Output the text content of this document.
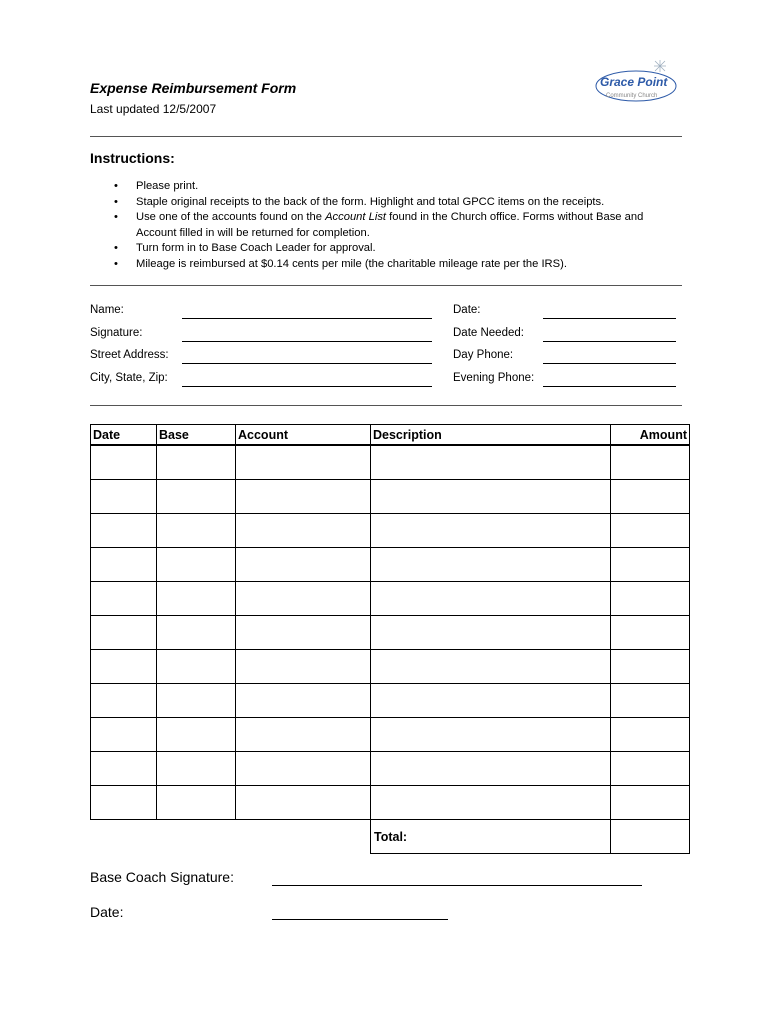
Expense Reimbursement Form
Last updated 12/5/2007
Grace Point
Community Church
Instructions:
• Please print.
• Staple original receipts to the back of the form. Highlight and total GPCC items on the receipts.
• Use one of the accounts found on the Account List found in the Church office. Forms without Base and Account filled in will be returned for completion.
• Turn form in to Base Coach Leader for approval.
• Mileage is reimbursed at $0.14 cents per mile (the charitable mileage rate per the IRS).
Name:
Signature:
Street Address:
City, State, Zip:
Date:
Date Needed:
Day Phone:
Evening Phone:
Date	Base	Account	Description	Amount

			Total:	
Base Coach Signature:
Date:
